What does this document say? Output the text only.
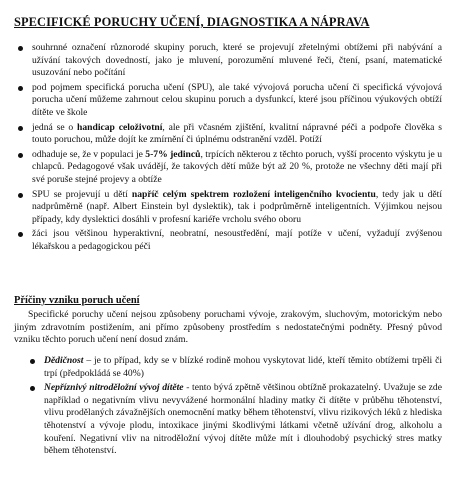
SPECIFICKÉ PORUCHY UČENÍ, DIAGNOSTIKA A NÁPRAVA
souhrnné označení různorodé skupiny poruch, které se projevují zřetelnými obtížemi při nabývání a užívání takových dovedností, jako je mluvení, porozumění mluvené řeči, čtení, psaní, matematické usuzování nebo počítání
pod pojmem specifická porucha učení (SPU), ale také vývojová porucha učení či specifická vývojová porucha učení můžeme zahrnout celou skupinu poruch a dysfunkcí, které jsou příčinou výukových obtíží dítěte ve škole
jedná se o handicap celoživotní, ale při včasném zjištění, kvalitní nápravné péči a podpoře člověka s touto poruchou, může dojít ke zmírnění či úplnému odstranění vzděl. Potíží
odhaduje se, že v populaci je 5-7% jedinců, trpících některou z těchto poruch, vyšší procento výskytu je u chlapců. Pedagogové však uvádějí, že takových dětí může být až 20 %, protože ne všechny děti mají při své poruše stejné projevy a obtíže
SPU se projevují u dětí napříč celým spektrem rozložení inteligenčního kvocientu, tedy jak u dětí nadprůměrně (např. Albert Einstein byl dyslektik), tak i podprůměrně inteligentních. Výjimkou nejsou případy, kdy dyslektici dosáhli v profesní kariéře vrcholu svého oboru
žáci jsou většinou hyperaktivní, neobratní, nesoustředění, mají potíže v učení, vyžadují zvýšenou lékařskou a pedagogickou péči
Příčiny vzniku poruch učení
Specifické poruchy učení nejsou způsobeny poruchami vývoje, zrakovým, sluchovým, motorickým nebo jiným zdravotním postižením, ani přímo způsobeny prostředím s nedostatečnými podněty. Přesný původ vzniku těchto poruch učení není dosud znám.
Dědičnost – je to případ, kdy se v blízké rodině mohou vyskytovat lidé, kteří těmito obtížemi trpěli či trpí (předpokládá se 40%)
Nepříznivý nitroděložní vývoj dítěte - tento bývá zpětně většinou obtížně prokazatelný. Uvažuje se zde například o negativním vlivu nevyvážené hormonální hladiny matky či dítěte v průběhu těhotenství, vlivu prodělaných závažnějších onemocnění matky během těhotenství, vlivu rizikových léků z hlediska těhotenství a vývoje plodu, intoxikace jinými škodlivými látkami včetně užívání drog, alkoholu a kouření. Negativní vliv na nitroděložní vývoj dítěte může mít i dlouhodobý psychický stres matky během těhotenství.
